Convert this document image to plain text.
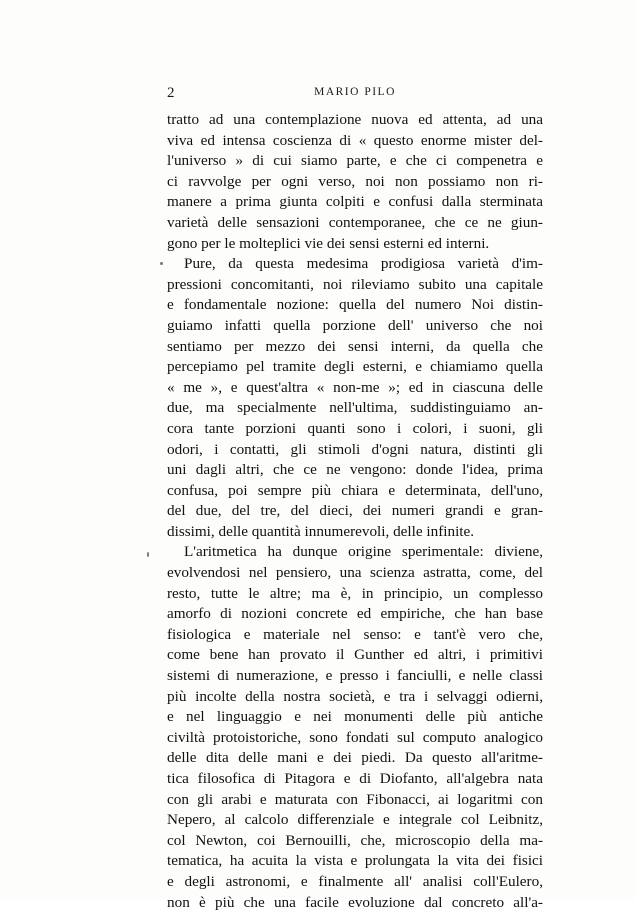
2	MARIO PILO
tratto ad una contemplazione nuova ed attenta, ad una
viva ed intensa coscienza di « questo enorme mister del-
l'universo » di cui siamo parte, e che ci compenetra e
ci ravvolge per ogni verso, noi non possiamo non ri-
manere a prima giunta colpiti e confusi dalla sterminata
varietà delle sensazioni contemporanee, che ce ne giun-
gono per le molteplici vie dei sensi esterni ed interni.
Pure, da questa medesima prodigiosa varietà d'im-
pressioni concomitanti, noi rileviamo subito una capitale
e fondamentale nozione: quella del numero Noi distin-
guiamo infatti quella porzione dell' universo che noi
sentiamo per mezzo dei sensi interni, da quella che
percepiamo pel tramite degli esterni, e chiamiamo quella
« me », e quest'altra « non-me »; ed in ciascuna delle
due, ma specialmente nell'ultima, suddistinguiamo an-
cora tante porzioni quanti sono i colori, i suoni, gli
odori, i contatti, gli stimoli d'ogni natura, distinti gli
uni dagli altri, che ce ne vengono: donde l'idea, prima
confusa, poi sempre più chiara e determinata, dell'uno,
del due, del tre, del dieci, dei numeri grandi e gran-
dissimi, delle quantità innumerevoli, delle infinite.
L'aritmetica ha dunque origine sperimentale: diviene,
evolvendosi nel pensiero, una scienza astratta, come, del
resto, tutte le altre; ma è, in principio, un complesso
amorfo di nozioni concrete ed empiriche, che han base
fisiologica e materiale nel senso: e tant'è vero che,
come bene han provato il Gunther ed altri, i primitivi
sistemi di numerazione, e presso i fanciulli, e nelle classi
più incolte della nostra società, e tra i selvaggi odierni,
e nel linguaggio e nei monumenti delle più antiche
civiltà protoistoriche, sono fondati sul computo analogico
delle dita delle mani e dei piedi. Da questo all'aritme-
tica filosofica di Pitagora e di Diofanto, all'algebra nata
con gli arabi e maturata con Fibonacci, ai logaritmi con
Nepero, al calcolo differenziale e integrale col Leibnitz,
col Newton, coi Bernouilli, che, microscopio della ma-
tematica, ha acuita la vista e prolungata la vita dei fisici
e degli astronomi, e finalmente all' analisi coll'Eulero,
non è più che una facile evoluzione dal concreto all'a-
